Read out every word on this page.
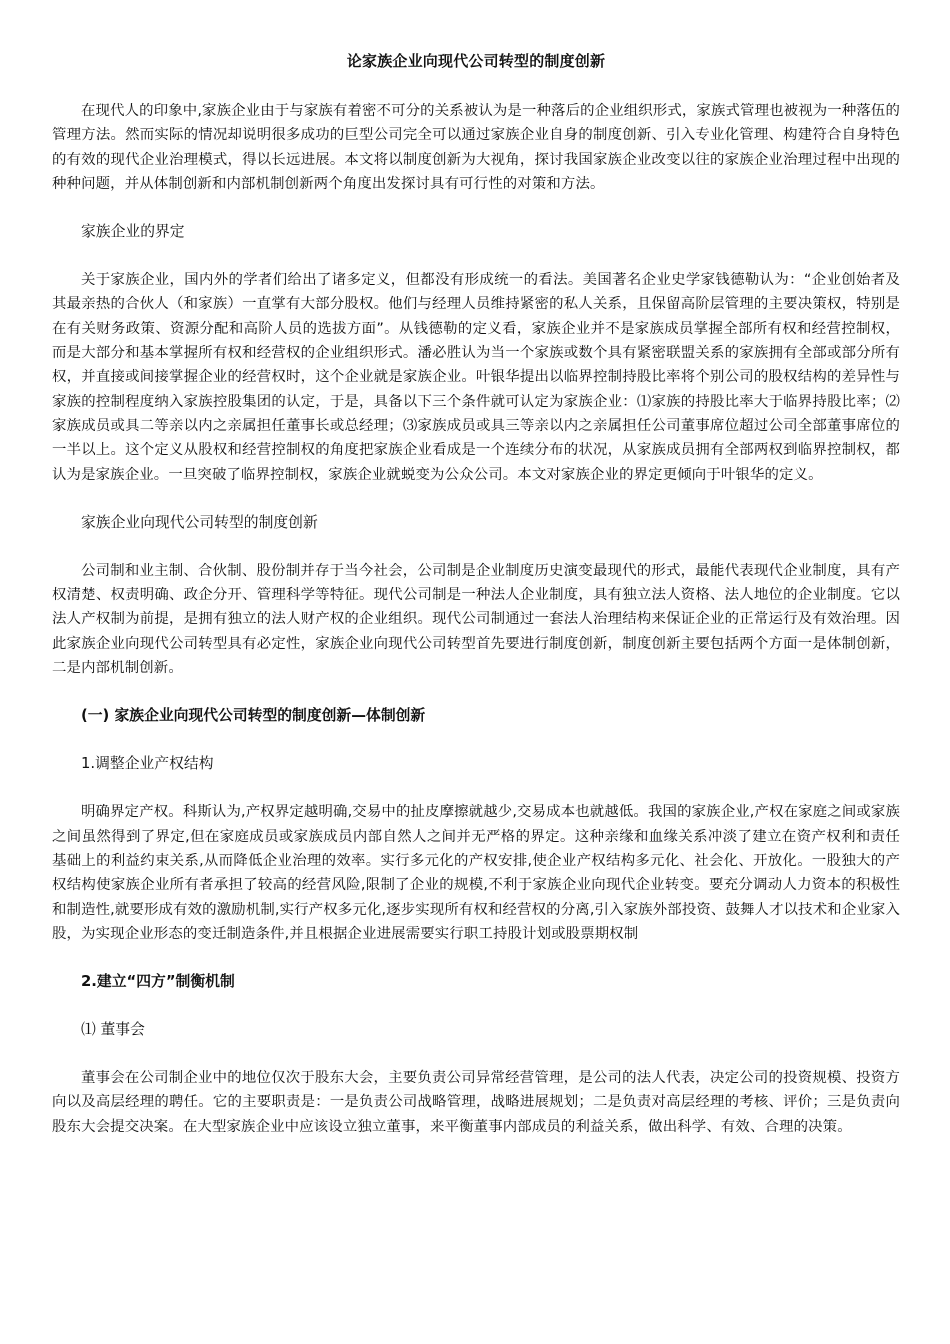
论家族企业向现代公司转型的制度创新

在现代人的印象中,家族企业由于与家族有着密不可分的关系被认为是一种落后的企业组织形式，家族式管理也被视为一种落伍的管理方法。然而实际的情况却说明很多成功的巨型公司完全可以通过家族企业自身的制度创新、引入专业化管理、构建符合自身特色的有效的现代企业治理模式，得以长远进展。本文将以制度创新为大视角，探讨我国家族企业改变以往的家族企业治理过程中出现的种种问题，并从体制创新和内部机制创新两个角度出发探讨具有可行性的对策和方法。

家族企业的界定

关于家族企业，国内外的学者们给出了诸多定义，但都没有形成统一的看法。美国著名企业史学家钱德勒认为：“企业创始者及其最亲热的合伙人（和家族）一直掌有大部分股权。他们与经理人员维持紧密的私人关系，且保留高阶层管理的主要决策权，特别是在有关财务政策、资源分配和高阶人员的选拔方面”。从钱德勒的定义看，家族企业并不是家族成员掌握全部所有权和经营控制权，而是大部分和基本掌握所有权和经营权的企业组织形式。潘必胜认为当一个家族或数个具有紧密联盟关系的家族拥有全部或部分所有权，并直接或间接掌握企业的经营权时，这个企业就是家族企业。叶银华提出以临界控制持股比率将个别公司的股权结构的差异性与家族的控制程度纳入家族控股集团的认定，于是，具备以下三个条件就可认定为家族企业：⑴家族的持股比率大于临界持股比率；⑵家族成员或具二等亲以内之亲属担任董事长或总经理；⑶家族成员或具三等亲以内之亲属担任公司董事席位超过公司全部董事席位的一半以上。这个定义从股权和经营控制权的角度把家族企业看成是一个连续分布的状况，从家族成员拥有全部两权到临界控制权，都认为是家族企业。一旦突破了临界控制权，家族企业就蜕变为公众公司。本文对家族企业的界定更倾向于叶银华的定义。

家族企业向现代公司转型的制度创新

公司制和业主制、合伙制、股份制并存于当今社会，公司制是企业制度历史演变最现代的形式，最能代表现代企业制度，具有产权清楚、权责明确、政企分开、管理科学等特征。现代公司制是一种法人企业制度，具有独立法人资格、法人地位的企业制度。它以法人产权制为前提，是拥有独立的法人财产权的企业组织。现代公司制通过一套法人治理结构来保证企业的正常运行及有效治理。因此家族企业向现代公司转型具有必定性，家族企业向现代公司转型首先要进行制度创新，制度创新主要包括两个方面一是体制创新，二是内部机制创新。

(一) 家族企业向现代公司转型的制度创新—体制创新
1.调整企业产权结构

明确界定产权。科斯认为,产权界定越明确,交易中的扯皮摩擦就越少,交易成本也就越低。我国的家族企业,产权在家庭之间或家族之间虽然得到了界定,但在家庭成员或家族成员内部自然人之间并无严格的界定。这种亲缘和血缘关系冲淡了建立在资产权利和责任基础上的利益约束关系,从而降低企业治理的效率。实行多元化的产权安排,使企业产权结构多元化、社会化、开放化。一股独大的产权结构使家族企业所有者承担了较高的经营风险,限制了企业的规模,不利于家族企业向现代企业转变。要充分调动人力资本的积极性和制造性,就要形成有效的激励机制,实行产权多元化,逐步实现所有权和经营权的分离,引入家族外部投资、鼓舞人才以技术和企业家入股，为实现企业形态的变迁制造条件,并且根据企业进展需要实行职工持股计划或股票期权制

2.建立“四方”制衡机制
⑴ 董事会

董事会在公司制企业中的地位仅次于股东大会，主要负责公司异常经营管理，是公司的法人代表，决定公司的投资规模、投资方向以及高层经理的聘任。它的主要职责是：一是负责公司战略管理，战略进展规划；二是负责对高层经理的考核、评价；三是负责向股东大会提交决案。在大型家族企业中应该设立独立董事，来平衡董事内部成员的利益关系，做出科学、有效、合理的决策。
